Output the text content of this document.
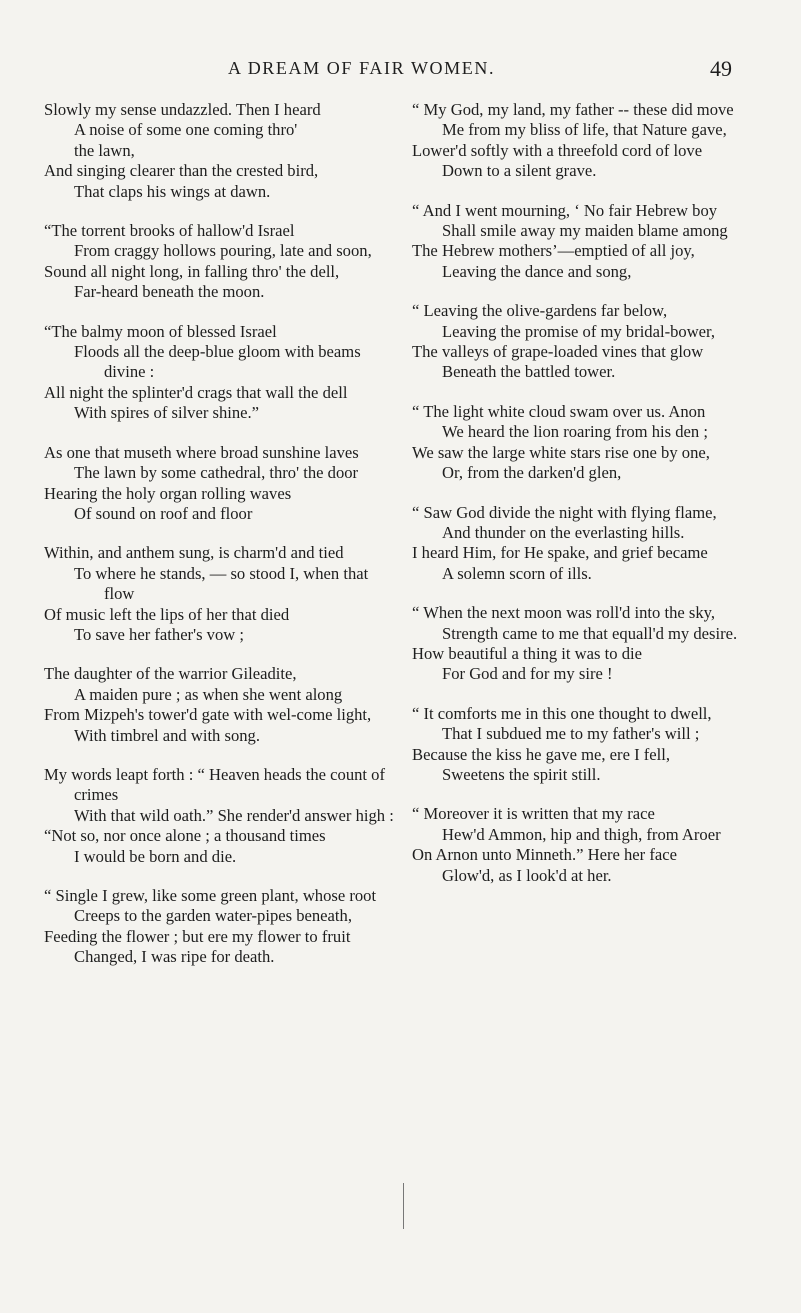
A DREAM OF FAIR WOMEN.	49
Slowly my sense undazzled. Then I heard
A noise of some one coming thro'
the lawn,
And singing clearer than the crested bird,
That claps his wings at dawn.
“The torrent brooks of hallow'd Israel
From craggy hollows pouring, late and soon,
Sound all night long, in falling thro' the dell,
Far-heard beneath the moon.
“The balmy moon of blessed Israel
Floods all the deep-blue gloom with beams divine :
All night the splinter'd crags that wall the dell
With spires of silver shine.”
As one that museth where broad sunshine laves
The lawn by some cathedral, thro' the door
Hearing the holy organ rolling waves
Of sound on roof and floor
Within, and anthem sung, is charm'd and tied
To where he stands, — so stood I, when that flow
Of music left the lips of her that died
To save her father's vow ;
The daughter of the warrior Gileadite,
A maiden pure ; as when she went along
From Mizpeh's tower'd gate with wel-come light,
With timbrel and with song.
My words leapt forth : “ Heaven heads the count of crimes
With that wild oath.” She render'd answer high :
“Not so, nor once alone ; a thousand times
I would be born and die.
“ Single I grew, like some green plant, whose root
Creeps to the garden water-pipes beneath,
Feeding the flower ; but ere my flower to fruit
Changed, I was ripe for death.
“ My God, my land, my father -- these did move
Me from my bliss of life, that Nature gave,
Lower'd softly with a threefold cord of love
Down to a silent grave.
“ And I went mourning, ‘ No fair Hebrew boy
Shall smile away my maiden blame among
The Hebrew mothers’—emptied of all joy,
Leaving the dance and song,
“ Leaving the olive-gardens far below,
Leaving the promise of my bridal-bower,
The valleys of grape-loaded vines that glow
Beneath the battled tower.
“ The light white cloud swam over us. Anon
We heard the lion roaring from his den ;
We saw the large white stars rise one by one,
Or, from the darken'd glen,
“ Saw God divide the night with flying flame,
And thunder on the everlasting hills.
I heard Him, for He spake, and grief became
A solemn scorn of ills.
“ When the next moon was roll'd into the sky,
Strength came to me that equall'd my desire.
How beautiful a thing it was to die
For God and for my sire !
“ It comforts me in this one thought to dwell,
That I subdued me to my father's will ;
Because the kiss he gave me, ere I fell,
Sweetens the spirit still.
“ Moreover it is written that my race
Hew'd Ammon, hip and thigh, from Aroer
On Arnon unto Minneth.” Here her face
Glow'd, as I look'd at her.
